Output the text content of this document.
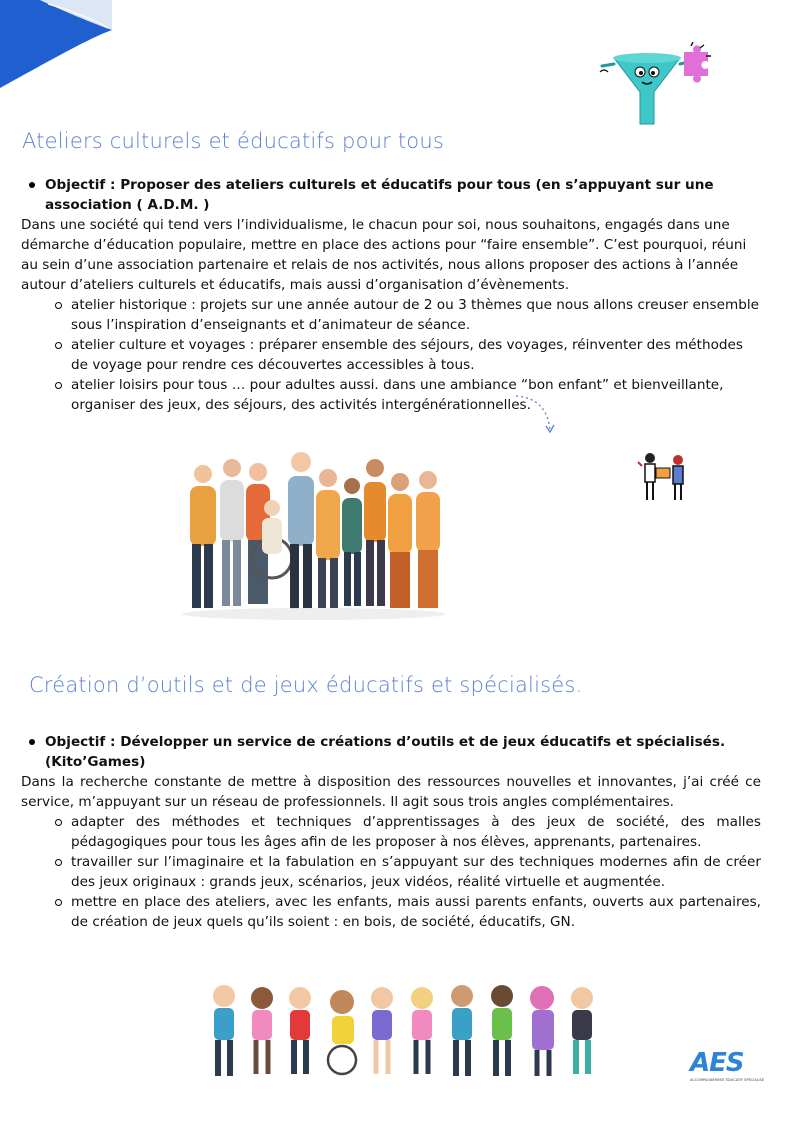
Ateliers culturels et éducatifs pour tous

Objectif : Proposer des ateliers culturels et éducatifs pour tous (en s’appuyant sur une
association ( A.D.M. )

Dans une société qui tend vers l’individualisme, le chacun pour soi, nous souhaitons, engagés dans une démarche d’éducation populaire, mettre en place des actions pour “faire ensemble”. C’est pourquoi, réuni au sein d’une association partenaire et relais de nos activités, nous allons proposer des actions à l’année autour d’ateliers culturels et éducatifs, mais aussi d’organisation d’évènements.

atelier historique : projets sur une année autour de 2 ou 3 thèmes que nous allons creuser ensemble sous l’inspiration d’enseignants et d’animateur de séance.
atelier culture et voyages : préparer ensemble des séjours, des voyages, réinventer des méthodes de voyage pour rendre ces découvertes accessibles à tous.
atelier loisirs pour tous … pour adultes aussi. dans une ambiance “bon enfant” et bienveillante, organiser des jeux, des séjours, des activités intergénérationnelles.
Création d’outils et de jeux éducatifs et spécialisés.

Objectif : Développer un service de créations d’outils et de jeux éducatifs et spécialisés.
(Kito’Games)

Dans la recherche constante de mettre à disposition des ressources nouvelles et innovantes, j’ai créé ce service, m’appuyant sur un réseau de professionnels. Il agit sous trois angles complémentaires.

adapter des méthodes et techniques d’apprentissages à des jeux de société, des malles pédagogiques pour tous les âges afin de les proposer à nos élèves, apprenants, partenaires.
travailler sur l’imaginaire et la fabulation en s’appuyant sur des techniques modernes afin de créer des jeux originaux : grands jeux, scénarios, jeux vidéos, réalité virtuelle et augmentée.
mettre en place des ateliers, avec les enfants, mais aussi parents enfants, ouverts aux partenaires, de création de jeux quels qu’ils soient : en bois, de société, éducatifs, GN.
AES
ACCOMPAGNEMENT ÉDUCATIF SPÉCIALISÉ
